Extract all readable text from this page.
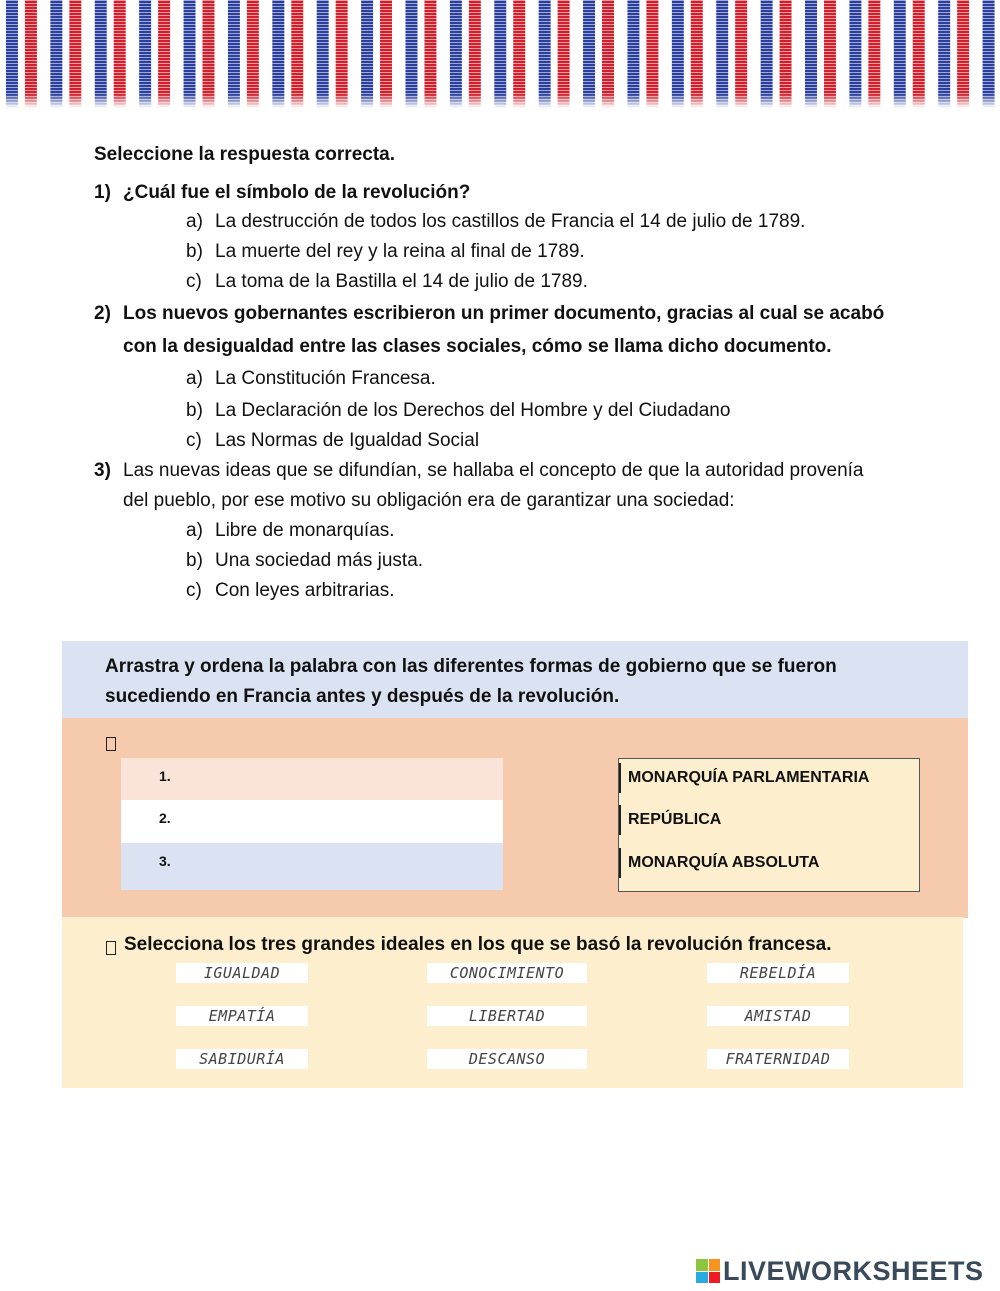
Seleccione la respuesta correcta.
1) ¿Cuál fue el símbolo de la revolución?
a) La destrucción de todos los castillos de Francia el 14 de julio de 1789.
b) La muerte del rey y la reina al final de 1789.
c) La toma de la Bastilla el 14 de julio de 1789.
2) Los nuevos gobernantes escribieron un primer documento, gracias al cual se acabó
con la desigualdad entre las clases sociales, cómo se llama dicho documento.
a) La Constitución Francesa.
b) La Declaración de los Derechos del Hombre y del Ciudadano
c) Las Normas de Igualdad Social
3) Las nuevas ideas que se difundían, se hallaba el concepto de que la autoridad provenía
del pueblo, por ese motivo su obligación era de garantizar una sociedad:
a) Libre de monarquías.
b) Una sociedad más justa.
c) Con leyes arbitrarias.
Arrastra y ordena la palabra con las diferentes formas de gobierno que se fueron
sucediendo en Francia antes y después de la revolución.
1.
2.
3.
MONARQUÍA PARLAMENTARIA
REPÚBLICA
MONARQUÍA ABSOLUTA
Selecciona los tres grandes ideales en los que se basó la revolución francesa.
IGUALDAD	CONOCIMIENTO	REBELDÍA
EMPATÍA	LIBERTAD	AMISTAD
SABIDURÍA	DESCANSO	FRATERNIDAD
LIVEWORKSHEETS
